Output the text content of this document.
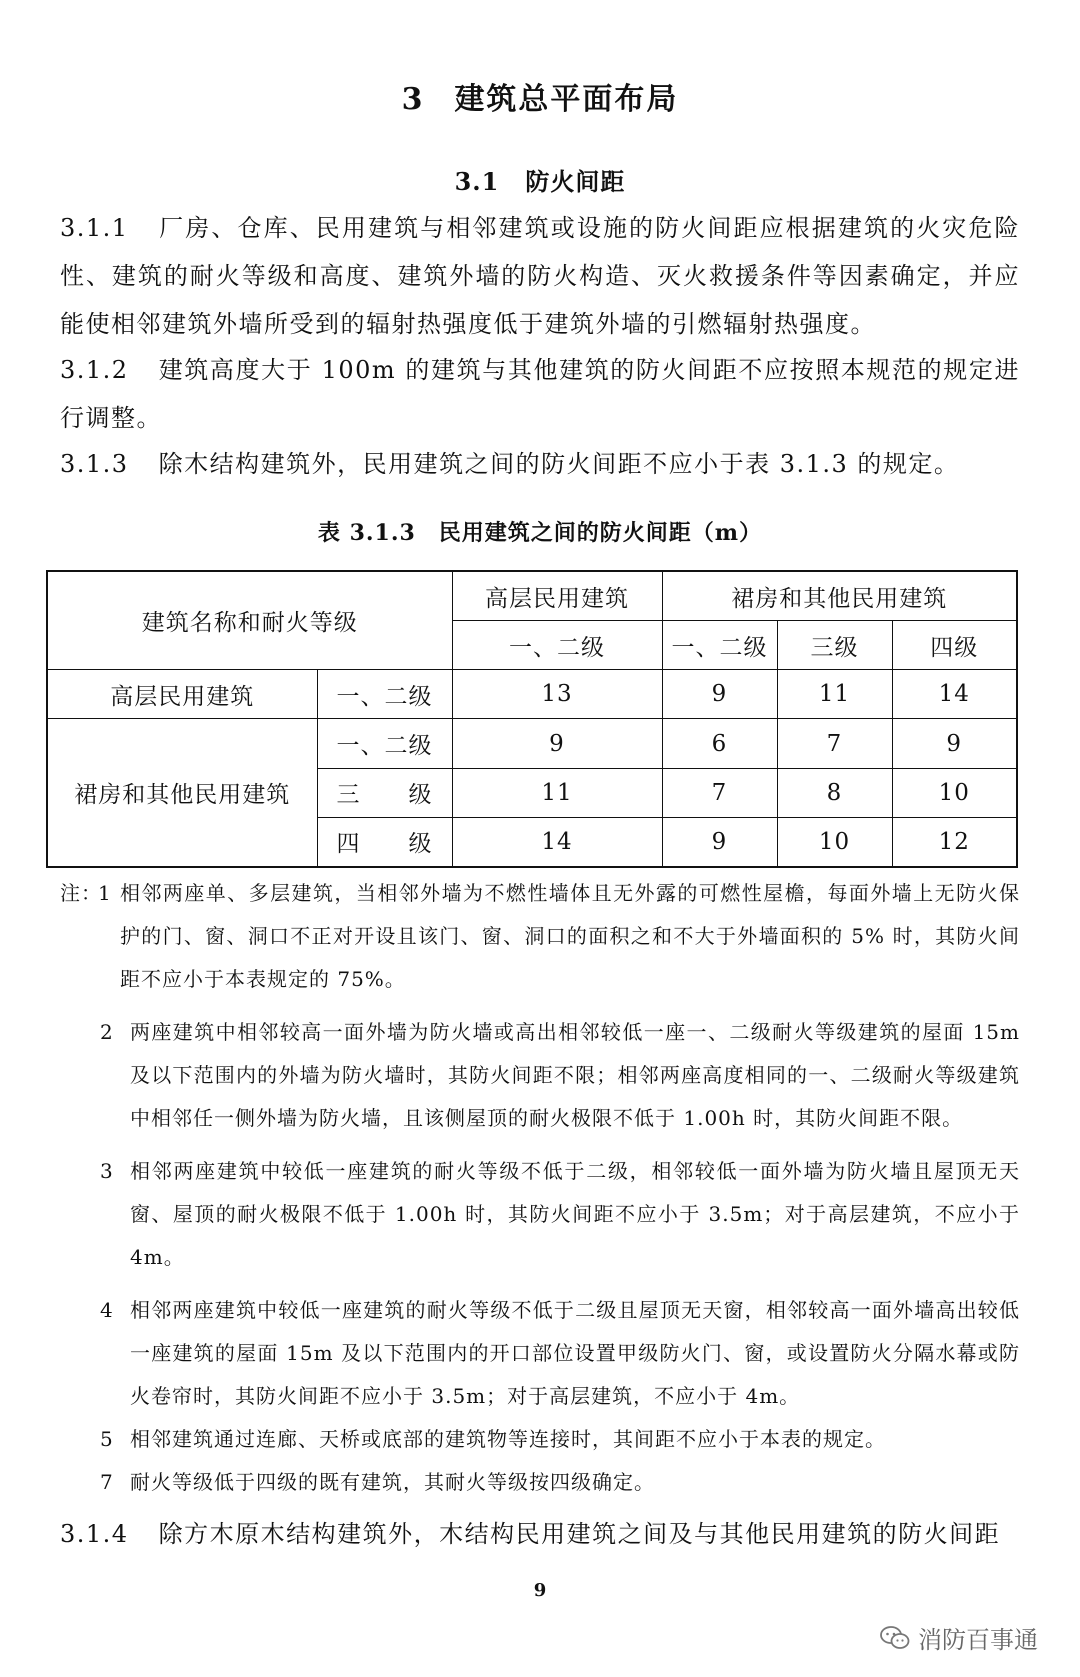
3 建筑总平面布局
3.1 防火间距
3.1.1 厂房、仓库、民用建筑与相邻建筑或设施的防火间距应根据建筑的火灾危险性、建筑的耐火等级和高度、建筑外墙的防火构造、灭火救援条件等因素确定，并应能使相邻建筑外墙所受到的辐射热强度低于建筑外墙的引燃辐射热强度。
3.1.2 建筑高度大于 100m 的建筑与其他建筑的防火间距不应按照本规范的规定进行调整。
3.1.3 除木结构建筑外，民用建筑之间的防火间距不应小于表 3.1.3 的规定。
表 3.1.3　民用建筑之间的防火间距（m）
建筑名称和耐火等级		高层民用建筑	裙房和其他民用建筑		
		一、二级	一、二级	三级	四级
高层民用建筑	一、二级	13	9	11	14
裙房和其他民用建筑	一、二级	9	6	7	9
	三　　级	11	7	8	10
	四　　级	14	9	10	12
注：
1 相邻两座单、多层建筑，当相邻外墙为不燃性墙体且无外露的可燃性屋檐，每面外墙上无防火保护的门、窗、洞口不正对开设且该门、窗、洞口的面积之和不大于外墙面积的 5% 时，其防火间距不应小于本表规定的 75%。
2 两座建筑中相邻较高一面外墙为防火墙或高出相邻较低一座一、二级耐火等级建筑的屋面 15m 及以下范围内的外墙为防火墙时，其防火间距不限；相邻两座高度相同的一、二级耐火等级建筑中相邻任一侧外墙为防火墙，且该侧屋顶的耐火极限不低于 1.00h 时，其防火间距不限。
3 相邻两座建筑中较低一座建筑的耐火等级不低于二级，相邻较低一面外墙为防火墙且屋顶无天窗、屋顶的耐火极限不低于 1.00h 时，其防火间距不应小于 3.5m；对于高层建筑，不应小于 4m。
4 相邻两座建筑中较低一座建筑的耐火等级不低于二级且屋顶无天窗，相邻较高一面外墙高出较低一座建筑的屋面 15m 及以下范围内的开口部位设置甲级防火门、窗，或设置防火分隔水幕或防火卷帘时，其防火间距不应小于 3.5m；对于高层建筑，不应小于 4m。
5 相邻建筑通过连廊、天桥或底部的建筑物等连接时，其间距不应小于本表的规定。
7 耐火等级低于四级的既有建筑，其耐火等级按四级确定。
3.1.4 除方木原木结构建筑外，木结构民用建筑之间及与其他民用建筑的防火间距
9
消防百事通
